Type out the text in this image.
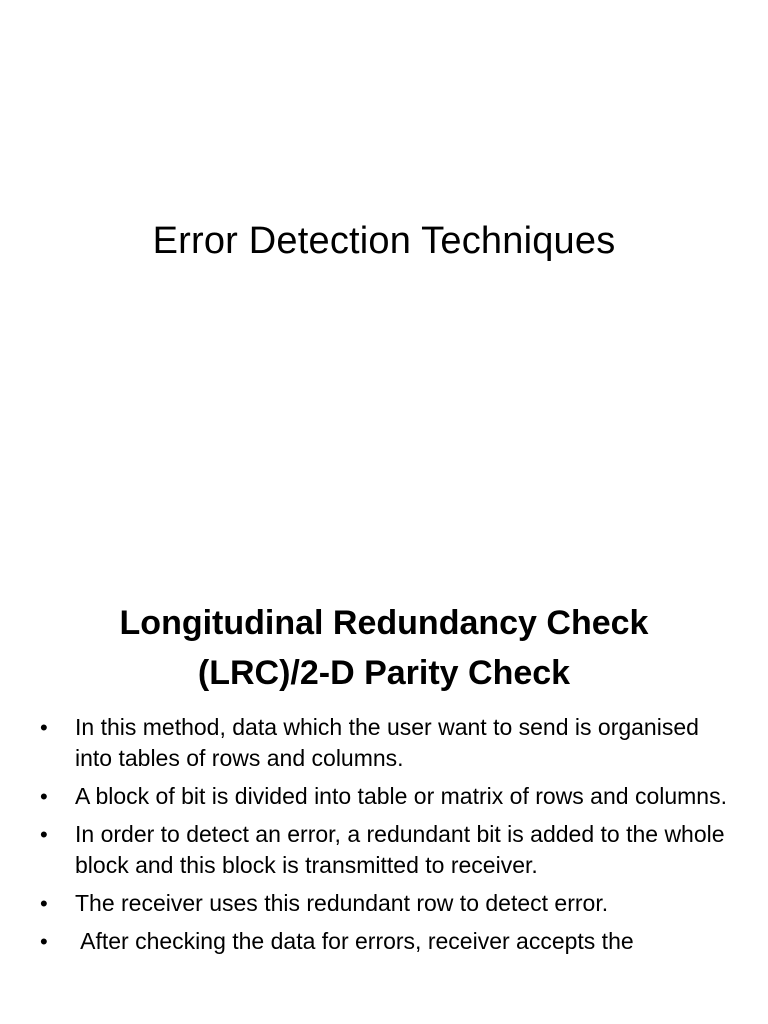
Error Detection Techniques
Longitudinal Redundancy Check
(LRC)/2-D Parity Check
•	In this method, data which the user want to send is organised into tables of rows and columns.
•	A block of bit is divided into table or matrix of rows and columns.
•	In order to detect an error, a redundant bit is added to the whole block and this block is transmitted to receiver.
•	The receiver uses this redundant row to detect error.
•	After checking the data for errors, receiver accepts the
